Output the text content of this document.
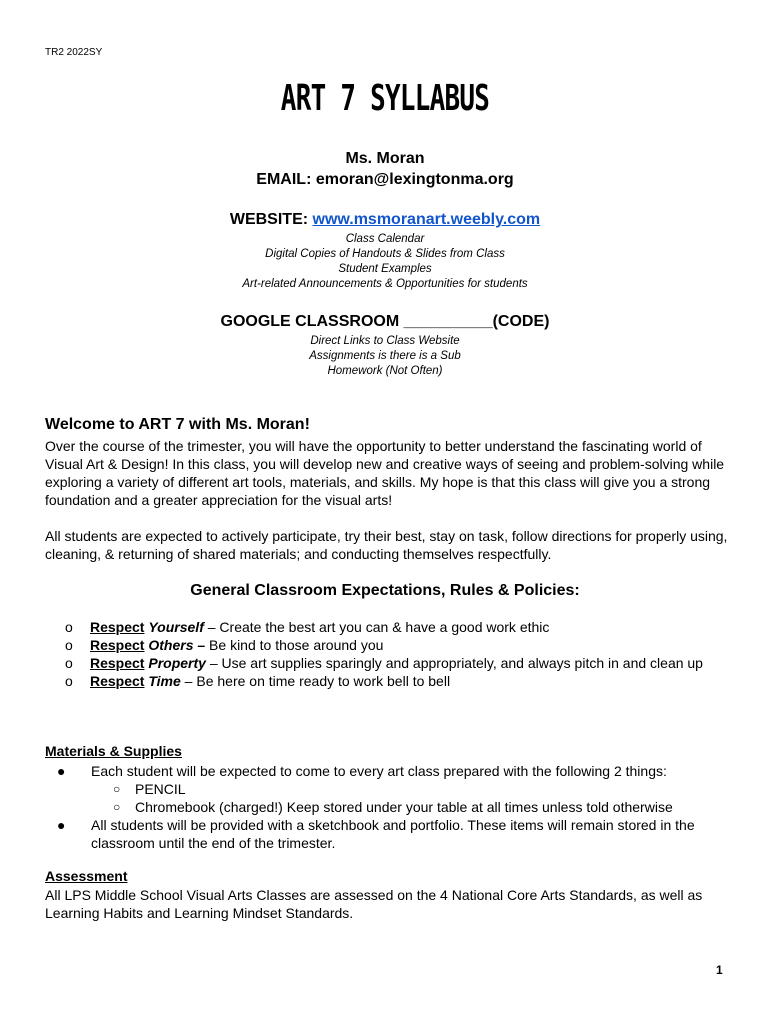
TR2 2022SY
ART 7 SYLLABUS
Ms. Moran
EMAIL: emoran@lexingtonma.org
WEBSITE: www.msmoranart.weebly.com
Class Calendar
Digital Copies of Handouts & Slides from Class
Student Examples
Art-related Announcements & Opportunities for students
GOOGLE CLASSROOM __________(CODE)
Direct Links to Class Website
Assignments is there is a Sub
Homework (Not Often)
Welcome to ART 7 with Ms. Moran!
Over the course of the trimester, you will have the opportunity to better understand the fascinating world of Visual Art & Design! In this class, you will develop new and creative ways of seeing and problem-solving while exploring a variety of different art tools, materials, and skills. My hope is that this class will give you a strong foundation and a greater appreciation for the visual arts!
All students are expected to actively participate, try their best, stay on task, follow directions for properly using, cleaning, & returning of shared materials; and conducting themselves respectfully.
General Classroom Expectations, Rules & Policies:
o Respect Yourself – Create the best art you can & have a good work ethic
o Respect Others – Be kind to those around you
o Respect Property – Use art supplies sparingly and appropriately, and always pitch in and clean up
o Respect Time – Be here on time ready to work bell to bell
Materials & Supplies
● Each student will be expected to come to every art class prepared with the following 2 things:
○ PENCIL
○ Chromebook (charged!) Keep stored under your table at all times unless told otherwise
● All students will be provided with a sketchbook and portfolio. These items will remain stored in the classroom until the end of the trimester.
Assessment
All LPS Middle School Visual Arts Classes are assessed on the 4 National Core Arts Standards, as well as Learning Habits and Learning Mindset Standards.
1
